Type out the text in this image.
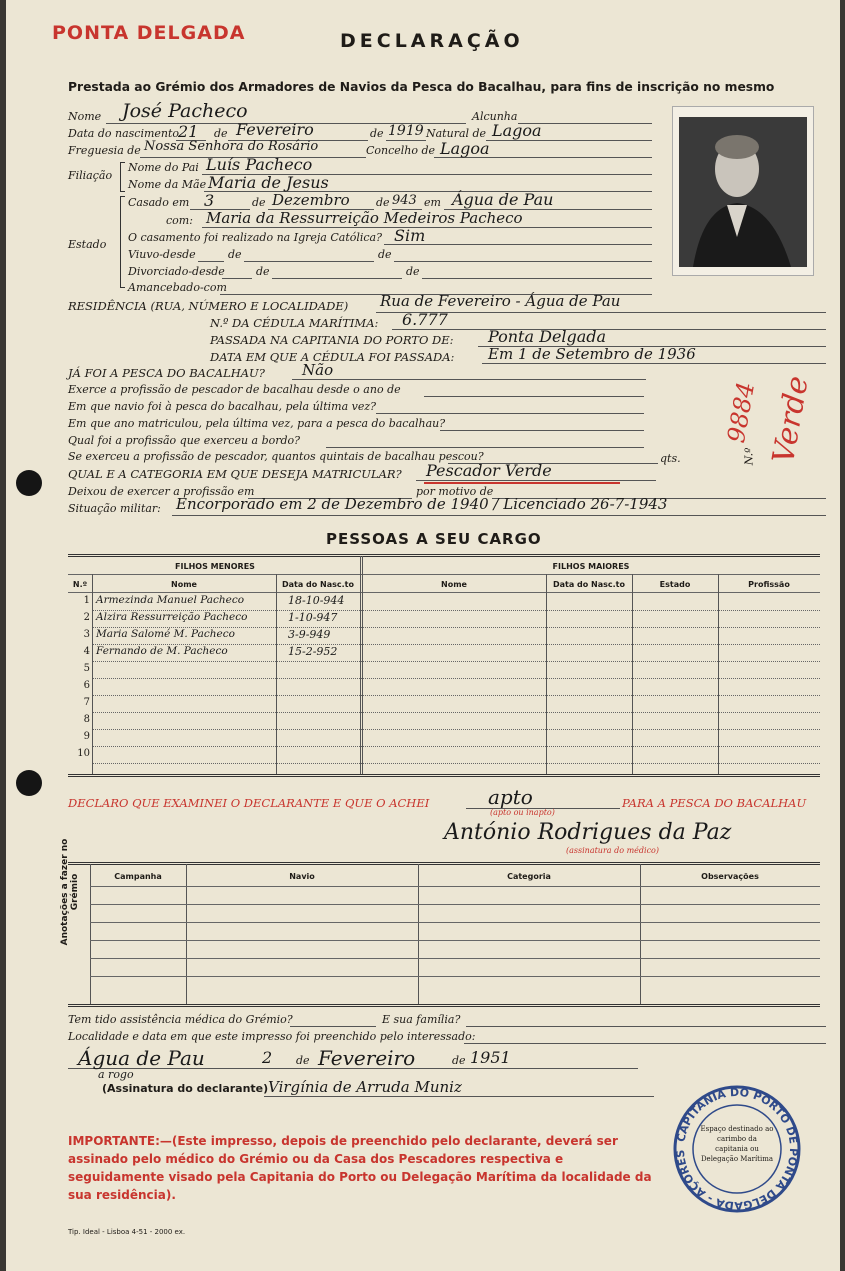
PONTA DELGADA	DECLARAÇÃO
Prestada ao Grémio dos Armadores de Navios da Pesca do Bacalhau, para fins de inscrição no mesmo
Nome José Pacheco	Alcunha
Data do nascimento
21 de Fevereiro	de 1919 Natural de Lagoa
Freguesia de Nossa Senhora do Rosário	Concelho de Lagoa
Filiação
Nome do Pai Luís Pacheco
Nome da Mãe Maria de Jesus
Estado
Casado em 3	de Dezembro de 943 em Água de Pau
com: Maria da Ressurreição Medeiros Pacheco
O casamento foi realizado na Igreja Católica? Sim
Viuvo-desde	de	de
Divorciado-desde	de	de
Amancebado-com
RESIDÊNCIA (RUA, NÚMERO E LOCALIDADE) Rua de Fevereiro - Água de Pau
N.º DA CÉDULA MARÍTIMA: 6.777
PASSADA NA CAPITANIA DO PORTO DE: Ponta Delgada
DATA EM QUE A CÉDULA FOI PASSADA: Em 1 de Setembro de 1936
JÁ FOI A PESCA DO BACALHAU? Não
Exerce a profissão de pescador de bacalhau desde o ano de
Em que navio foi à pesca do bacalhau, pela última vez?
Em que ano matriculou, pela última vez, para a pesca do bacalhau?
Qual foi a profissão que exerceu a bordo?
Se exerceu a profissão de pescador, quantos quintais de bacalhau pescou?	qts.
QUAL E A CATEGORIA EM QUE DESEJA MATRICULAR? Pescador Verde
Deixou de exercer a profissão em	por motivo de
Situação militar: Encorporado em 2 de Dezembro de 1940 / Licenciado 26-7-1943
N.º
9884 Verde
PESSOAS A SEU CARGO
FILHOS MENORES	FILHOS MAIORES
N.º	Nome	Data do Nasc.to	Nome	Data do Nasc.to	Estado	Profissão
1 Armezinda Manuel Pacheco	18-10-944
2 Alzira Ressurreição Pacheco	1-10-947
3 Maria Salomé M. Pacheco	3-9-949
4 Fernando de M. Pacheco	15-2-952
5
6
7
8
9
10
DECLARO QUE EXAMINEI O DECLARANTE E QUE O ACHEI	apto
(apto ou inapto)
PARA A PESCA DO BACALHAU
António Rodrigues da Paz
(assinatura do médico)
Anotações a fazer no Grémio	Campanha	Navio	Categoria	Observações
Tem tido assistência médica do Grémio?	E sua família?
Localidade e data em que este impresso foi preenchido pelo interessado:
Água de Pau	2 de Fevereiro	de 1951
a rogo
(Assinatura do declarante) Virgínia de Arruda Muniz
IMPORTANTE:—(Este impresso, depois de preenchido pelo declarante, deverá ser assinado pelo médico do Grémio ou da Casa dos Pescadores respectiva e seguidamente visado pela Capitania do Porto ou Delegação Marítima da localidade da sua residência).
CAPITANIA DO PORTO DE PONTA DELGADA - AÇORES
Espaço destinado ao carimbo da capitania ou Delegação Marítima
Tip. Ideal - Lisboa 4-51 - 2000 ex.
